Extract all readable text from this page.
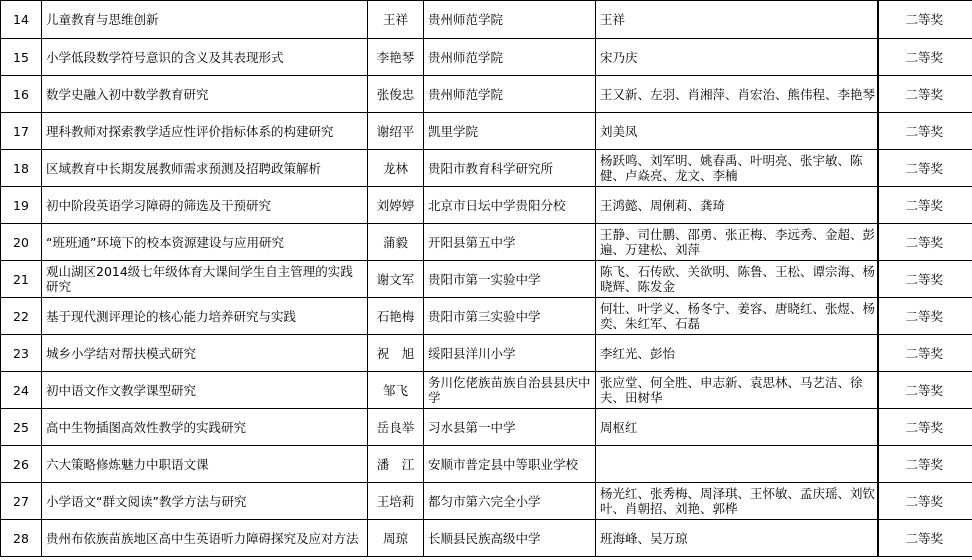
14	儿童教育与思维创新	王祥	贵州师范学院	王祥		二等奖
15	小学低段数学符号意识的含义及其表现形式	李艳琴	贵州师范学院	宋乃庆		二等奖
16	数学史融入初中数学教育研究	张俊忠	贵州师范学院	王又新、左羽、肖湘萍、肖宏治、熊伟程、李艳琴		二等奖
17	理科教师对探索教学适应性评价指标体系的构建研究	谢绍平	凯里学院	刘美凤		二等奖
18	区域教育中长期发展教师需求预测及招聘政策解析	龙林	贵阳市教育科学研究所	杨跃鸣、刘军明、姚春禹、叶明亮、张宇敏、陈健、卢焱亮、龙文、李楠		二等奖
19	初中阶段英语学习障碍的筛选及干预研究	刘婷婷	北京市日坛中学贵阳分校	王鸿懿、周俐莉、龚琦		二等奖
20	“班班通”环境下的校本资源建设与应用研究	蒲毅	开阳县第五中学	王静、司仕鹏、邵勇、张正梅、李远秀、金超、彭遍、万建松、刘萍		二等奖
21	观山湖区2014级七年级体育大课间学生自主管理的实践研究	谢文军	贵阳市第一实验中学	陈飞、石传欧、关欲明、陈鲁、王松、谭宗海、杨晓辉、陈发金		二等奖
22	基于现代测评理论的核心能力培养研究与实践	石艳梅	贵阳市第三实验中学	何壮、叶学义、杨冬宁、姜容、唐晓红、张煜、杨奕、朱红军、石磊		二等奖
23	城乡小学结对帮扶模式研究	祝　旭	绥阳县洋川小学	李红光、彭怡		二等奖
24	初中语文作文教学课型研究	邹飞	务川仡佬族苗族自治县县庆中学	张应堂、何全胜、申志新、袁思林、马艺洁、徐夫、田树华		二等奖
25	高中生物插图高效性教学的实践研究	岳良举	习水县第一中学	周枢红		二等奖
26	六大策略修炼魅力中职语文课	潘　江	安顺市普定县中等职业学校			二等奖
27	小学语文“群文阅读”教学方法与研究	王培莉	都匀市第六完全小学	杨光红、张秀梅、周泽琪、王怀敏、孟庆瑶、刘钦叶、肖朝招、刘艳、郭桦		二等奖
28	贵州布依族苗族地区高中生英语听力障碍探究及应对方法	周琼	长顺县民族高级中学	班海峰、吴万琼		二等奖
